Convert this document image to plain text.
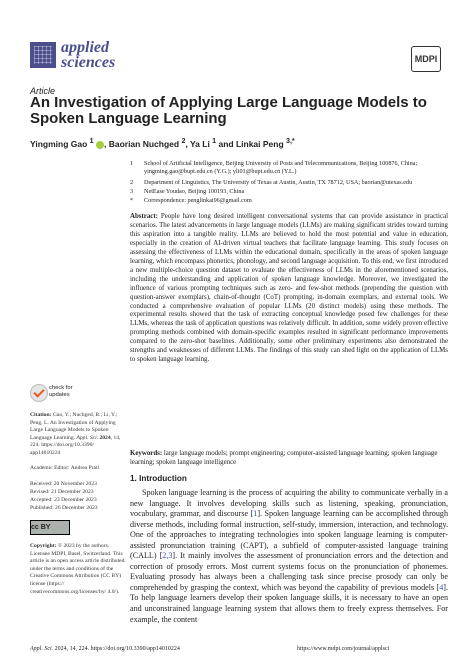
applied
sciences	MDPI
Article
An Investigation of Applying Large Language Models to Spoken Language Learning
Yingming Gao $^1$ , Baorian Nuchged $^2$, Ya Li $^1$ and Linkai Peng $^{3,*}$
1 School of Artificial Intelligence, Beijing University of Posts and Telecommunications, Beijing 100876, China; yingming.gao@bupt.edu.cn (Y.G.); yli01@bupt.edu.cn (Y.L.)
2 Department of Linguistics, The University of Texas at Austin, Austin, TX 78712, USA; baorian@utexas.edu
3 NetEase Youdao, Beijing 100193, China
* Correspondence: penglinkai96@gmail.com
Abstract: People have long desired intelligent conversational systems that can provide assistance in practical scenarios. The latest advancements in large language models (LLMs) are making significant strides toward turning this aspiration into a tangible reality. LLMs are believed to hold the most potential and value in education, especially in the creation of AI-driven virtual teachers that facilitate language learning. This study focuses on assessing the effectiveness of LLMs within the educational domain, specifically in the areas of spoken language learning, which encompass phonetics, phonology, and second language acquisition. To this end, we first introduced a new multiple-choice question dataset to evaluate the effectiveness of LLMs in the aforementioned scenarios, including the understanding and application of spoken language knowledge. Moreover, we investigated the influence of various prompting techniques such as zero- and few-shot methods (prepending the question with question-answer exemplars), chain-of-thought (CoT) prompting, in-domain exemplars, and external tools. We conducted a comprehensive evaluation of popular LLMs (20 distinct models) using these methods. The experimental results showed that the task of extracting conceptual knowledge posed few challenges for these LLMs, whereas the task of application questions was relatively difficult. In addition, some widely proven effective prompting methods combined with domain-specific examples resulted in significant performance improvements compared to the zero-shot baselines. Additionally, some other preliminary experiments also demonstrated the strengths and weaknesses of different LLMs. The findings of this study can shed light on the application of LLMs to spoken language learning.
Keywords: large language models; prompt engineering; computer-assisted language learning; spoken language learning; spoken language intelligence
check for
updates
Citation: Gao, Y.; Nuchged, B.; Li, Y.; Peng, L. An Investigation of Applying Large Language Models to Spoken Language Learning. Appl. Sci. 2024, 14, 224. https://doi.org/10.3390/ app14010224
Academic Editor: Andrea Prati
Received: 20 November 2023
Revised: 21 December 2023
Accepted: 23 December 2023
Published: 26 December 2023
cc BY
Copyright: © 2023 by the authors. Licensee MDPI, Basel, Switzerland. This article is an open access article distributed under the terms and conditions of the Creative Commons Attribution (CC BY) license (https:// creativecommons.org/licenses/by/ 4.0/).
1. Introduction

Spoken language learning is the process of acquiring the ability to communicate verbally in a new language. It involves developing skills such as listening, speaking, pronunciation, vocabulary, grammar, and discourse [1]. Spoken language learning can be accomplished through diverse methods, including formal instruction, self-study, immersion, interaction, and technology. One of the approaches to integrating technologies into spoken language learning is computer-assisted pronunciation training (CAPT), a subfield of computer-assisted language training (CALL) [2,3]. It mainly involves the assessment of pronunciation errors and the detection and correction of prosody errors. Most current systems focus on the pronunciation of phonemes. Evaluating prosody has always been a challenging task since precise prosody can only be comprehended by grasping the context, which was beyond the capability of previous models [4]. To help language learners develop their spoken language skills, it is necessary to have an open and unconstrained language learning system that allows them to freely express themselves. For example, the content

Appl. Sci. 2024, 14, 224. https://doi.org/10.3390/app14010224	https://www.mdpi.com/journal/applsci
